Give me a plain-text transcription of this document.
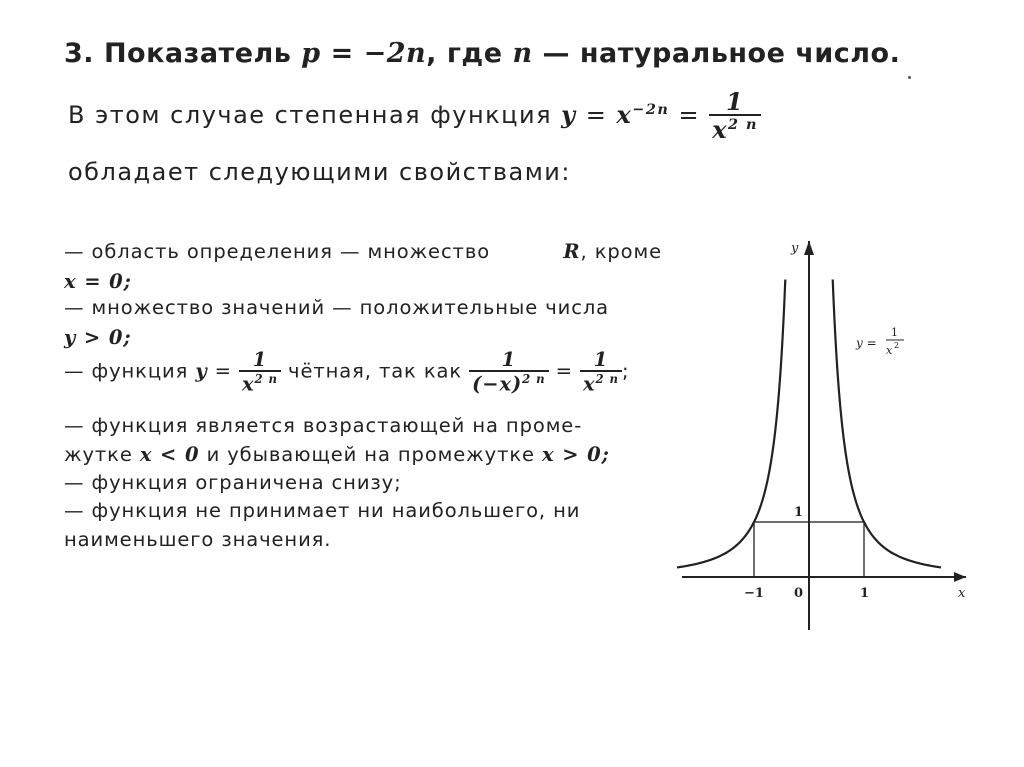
3. Показатель p = −2n, где n — натуральное число.
В этом случае степенная функция $y = x^{-2n} = \frac{1}{x^{2 n}}$
обладает следующими свойствами:
— область определения — множество	R, кроме
x = 0;
— множество значений — положительные числа
y > 0;
— функция $y = \frac{1}{x^{2 n}}$ чётная, так как $\frac{1}{(-x)^{2 n}} = \frac{1}{x^{2 n}}$ ;
— функция является возрастающей на проме-
жутке x < 0 и убывающей на промежутке x > 0;
— функция ограничена снизу;
— функция не принимает ни наибольшего, ни
наименьшего значения.
y
x
−1 0	1
1
y =
1
x 2
